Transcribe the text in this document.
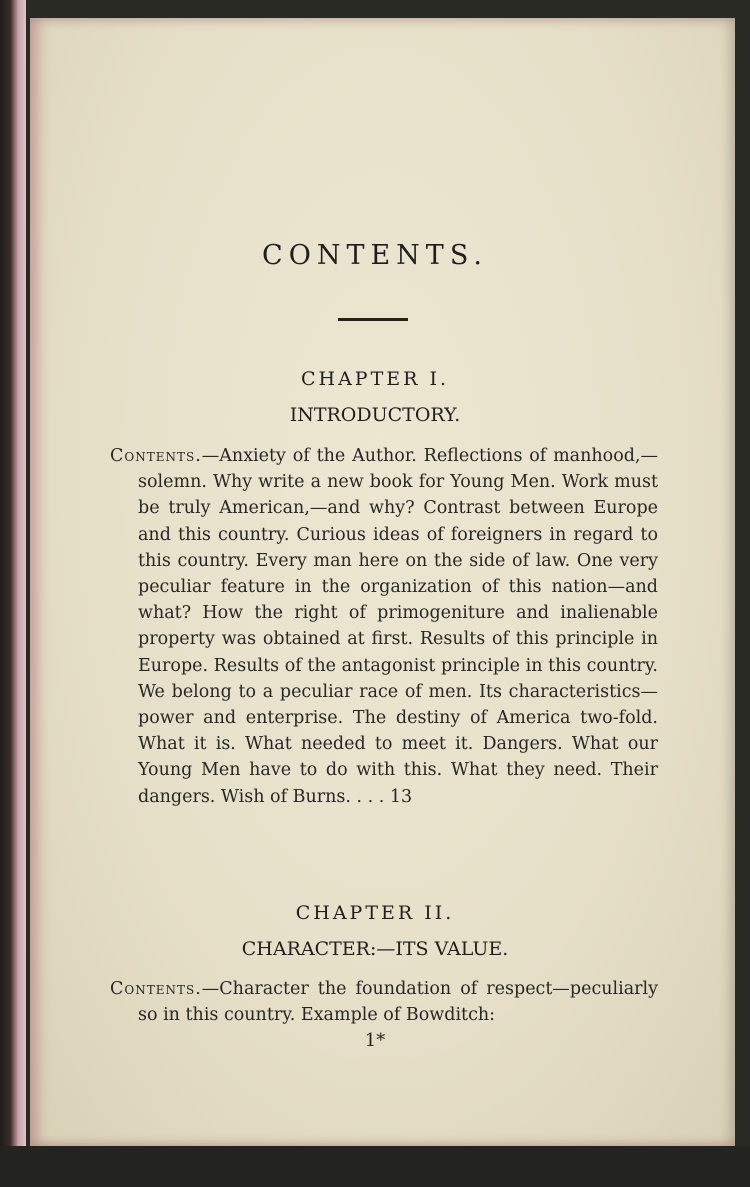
CONTENTS.
CHAPTER I.
INTRODUCTORY.
Contents.—Anxiety of the Author. Reflections of manhood,—solemn. Why write a new book for Young Men. Work must be truly American,—and why? Contrast between Europe and this country. Curious ideas of foreigners in regard to this country. Every man here on the side of law. One very peculiar feature in the organization of this nation—and what? How the right of primogeniture and inalienable property was obtained at first. Results of this principle in Europe. Results of the antagonist principle in this country. We belong to a peculiar race of men. Its characteristics—power and enterprise. The destiny of America two-fold. What it is. What needed to meet it. Dangers. What our Young Men have to do with this. What they need. Their dangers. Wish of Burns. . . . 13
CHAPTER II.
CHARACTER:—ITS VALUE.
Contents.—Character the foundation of respect—peculiarly so in this country. Example of Bowditch:
1*
